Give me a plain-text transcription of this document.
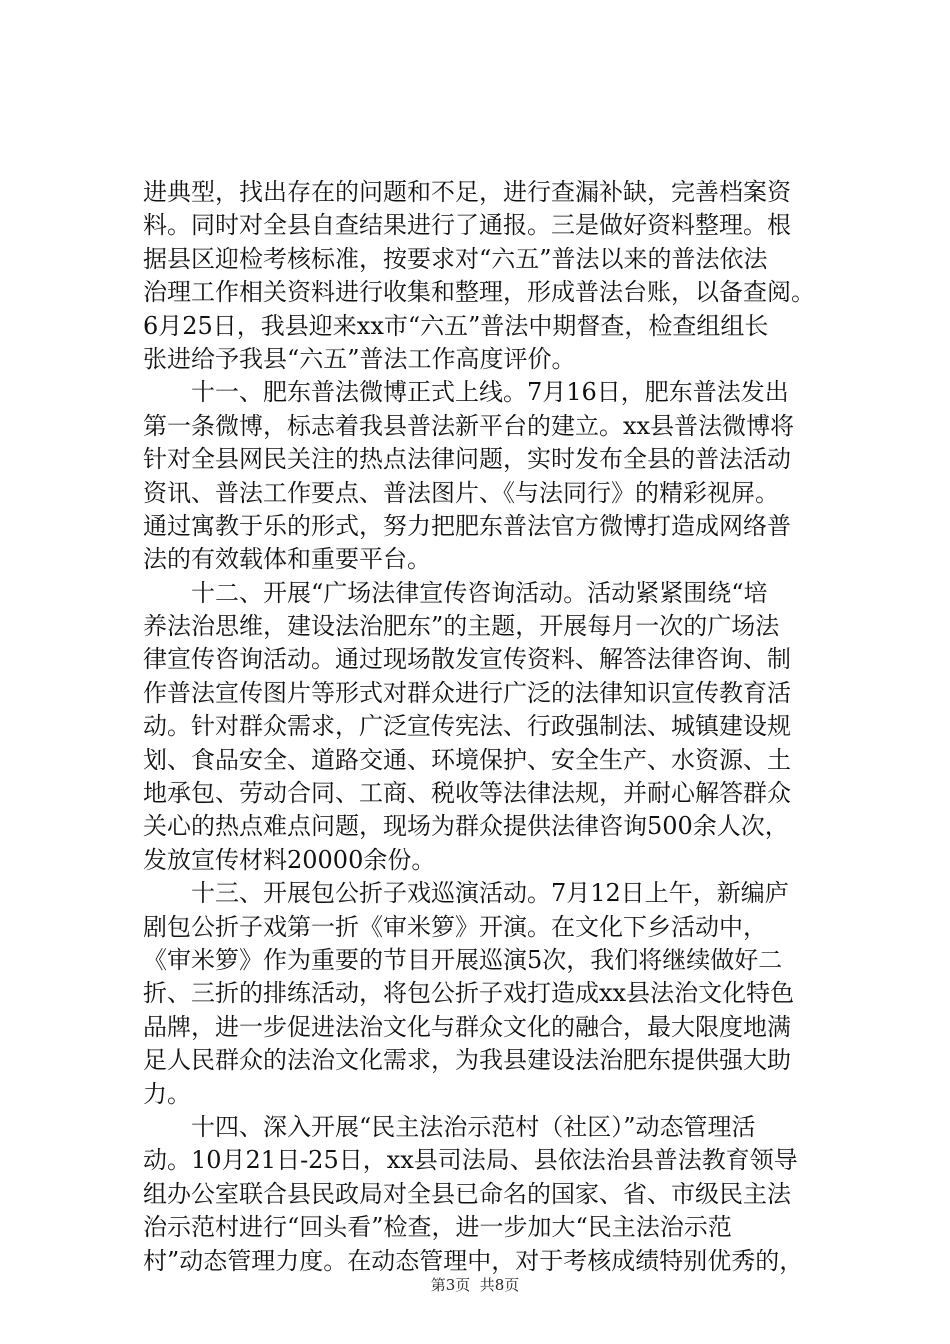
进典型，找出存在的问题和不足，进行查漏补缺，完善档案资
料。同时对全县自查结果进行了通报。三是做好资料整理。根
据县区迎检考核标准，按要求对“六五”普法以来的普法依法
治理工作相关资料进行收集和整理，形成普法台账，以备查阅。
6月25日，我县迎来xx市“六五”普法中期督查，检查组组长
张进给予我县“六五”普法工作高度评价。
十一、肥东普法微博正式上线。7月16日，肥东普法发出
第一条微博，标志着我县普法新平台的建立。xx县普法微博将
针对全县网民关注的热点法律问题，实时发布全县的普法活动
资讯、普法工作要点、普法图片、《与法同行》的精彩视屏。
通过寓教于乐的形式，努力把肥东普法官方微博打造成网络普
法的有效载体和重要平台。
十二、开展“广场法律宣传咨询活动。活动紧紧围绕“培
养法治思维，建设法治肥东”的主题，开展每月一次的广场法
律宣传咨询活动。通过现场散发宣传资料、解答法律咨询、制
作普法宣传图片等形式对群众进行广泛的法律知识宣传教育活
动。针对群众需求，广泛宣传宪法、行政强制法、城镇建设规
划、食品安全、道路交通、环境保护、安全生产、水资源、土
地承包、劳动合同、工商、税收等法律法规，并耐心解答群众
关心的热点难点问题，现场为群众提供法律咨询500余人次，
发放宣传材料20000余份。
十三、开展包公折子戏巡演活动。7月12日上午，新编庐
剧包公折子戏第一折《审米箩》开演。在文化下乡活动中，
《审米箩》作为重要的节目开展巡演5次，我们将继续做好二
折、三折的排练活动，将包公折子戏打造成xx县法治文化特色
品牌，进一步促进法治文化与群众文化的融合，最大限度地满
足人民群众的法治文化需求，为我县建设法治肥东提供强大助
力。
十四、深入开展“民主法治示范村（社区）”动态管理活
动。10月21日-25日，xx县司法局、县依法治县普法教育领导
组办公室联合县民政局对全县已命名的国家、省、市级民主法
治示范村进行“回头看”检查，进一步加大“民主法治示范
村”动态管理力度。在动态管理中，对于考核成绩特别优秀的，
第3页  共8页
